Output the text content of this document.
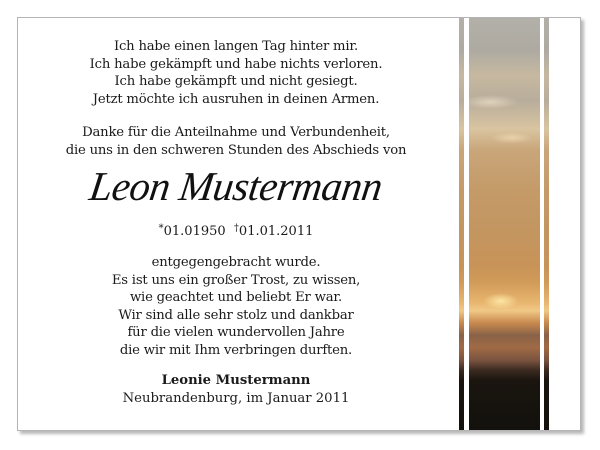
Ich habe einen langen Tag hinter mir.
Ich habe gekämpft und habe nichts verloren.
Ich habe gekämpft und nicht gesiegt.
Jetzt möchte ich ausruhen in deinen Armen.
Danke für die Anteilnahme und Verbundenheit,
die uns in den schweren Stunden des Abschieds von
Leon Mustermann
*01.01950 †01.01.2011
entgegengebracht wurde.
Es ist uns ein großer Trost, zu wissen,
wie geachtet und beliebt Er war.
Wir sind alle sehr stolz und dankbar
für die vielen wundervollen Jahre
die wir mit Ihm verbringen durften.
Leonie Mustermann
Neubrandenburg, im Januar 2011
